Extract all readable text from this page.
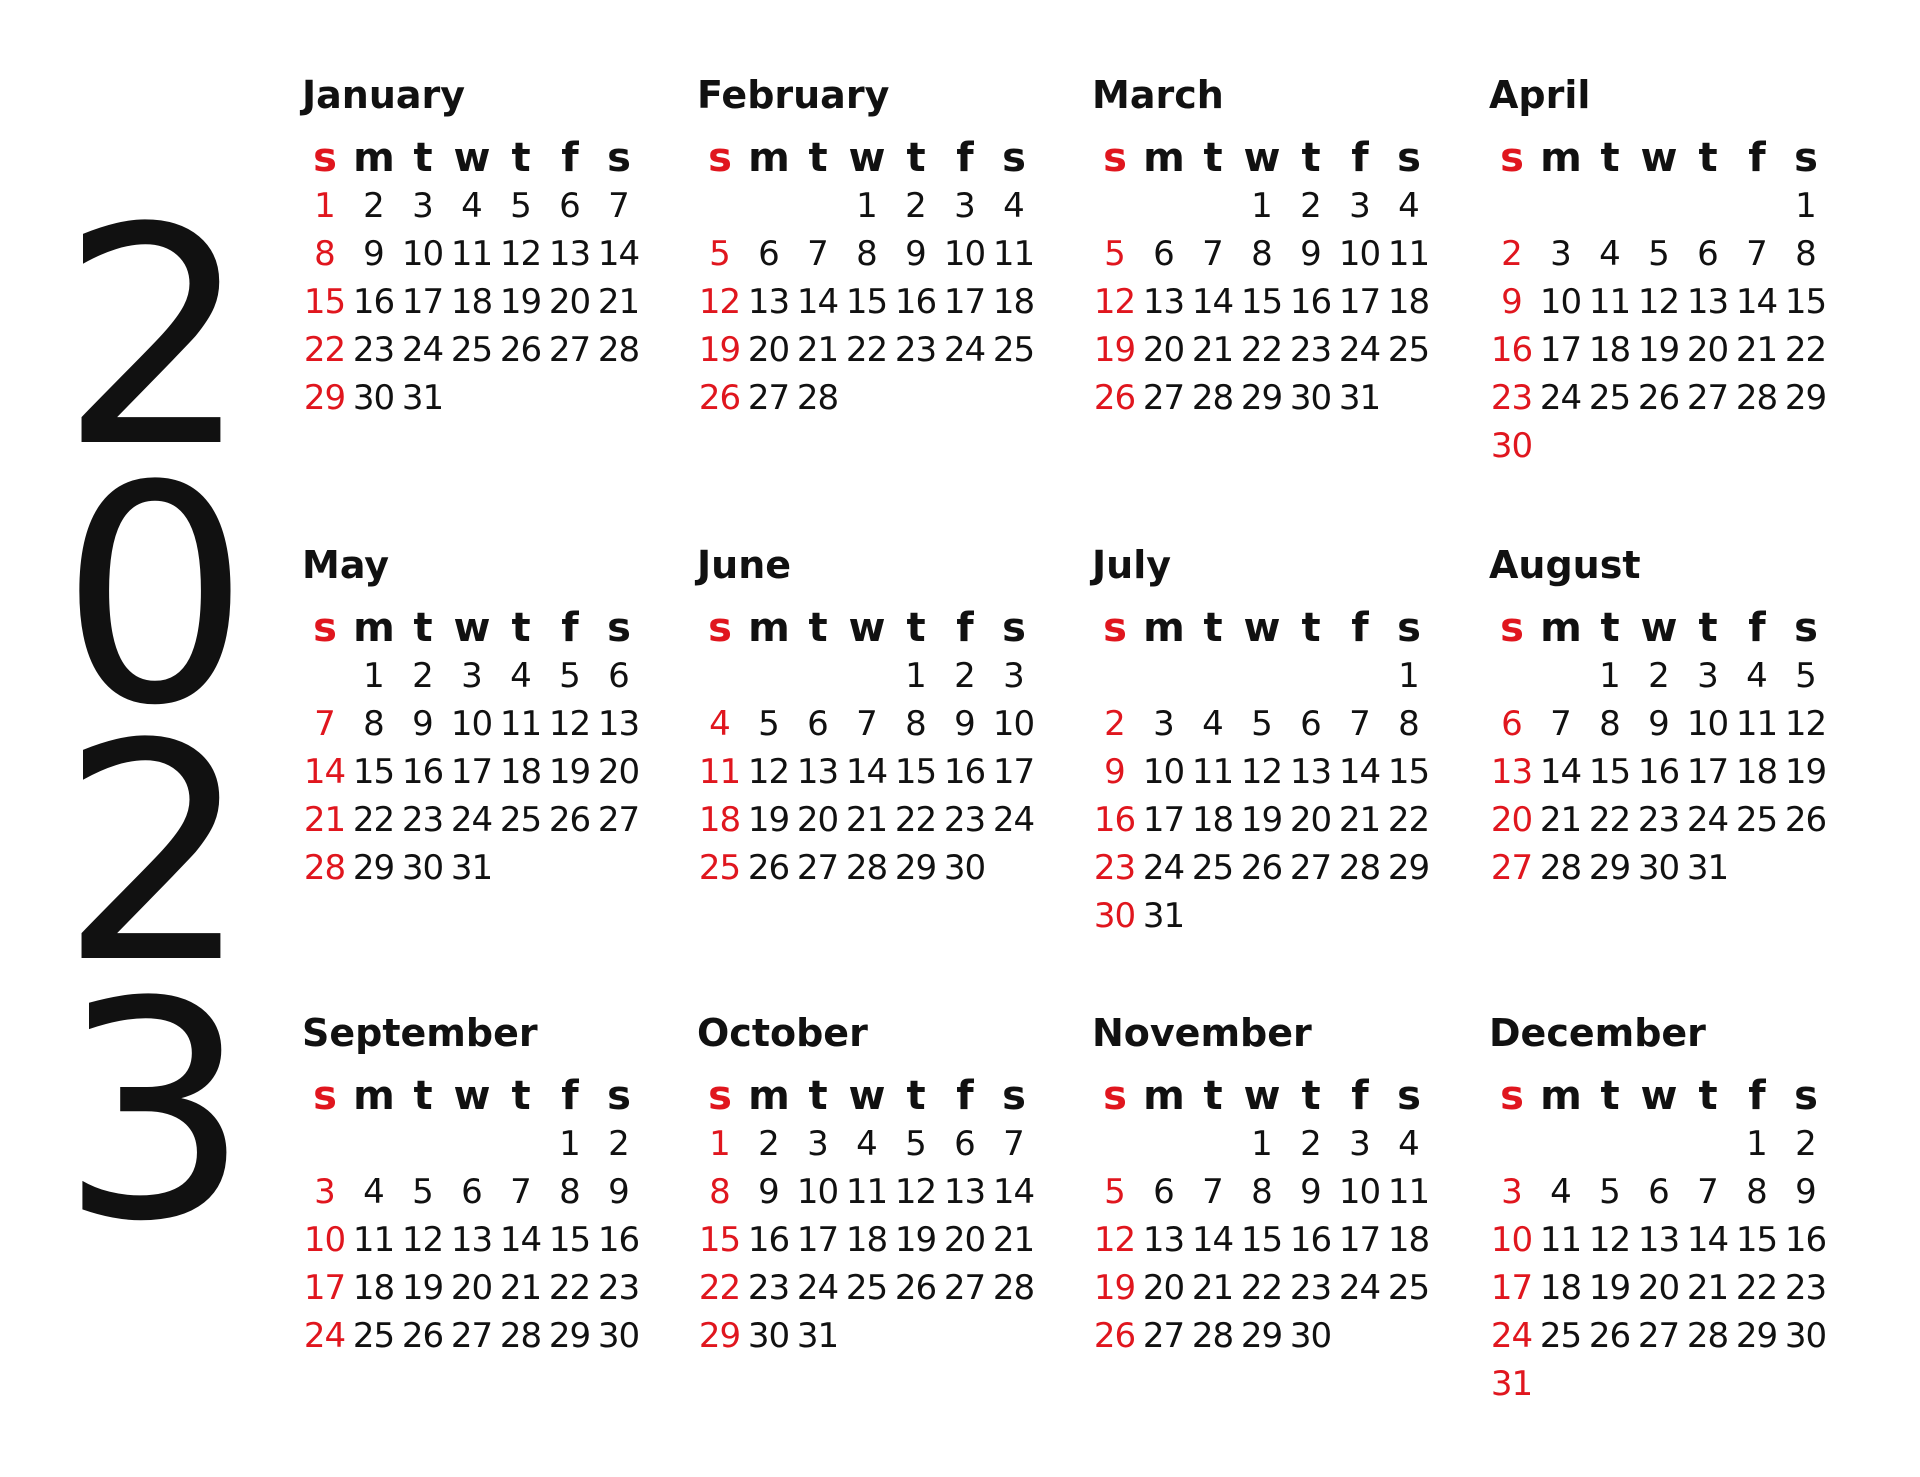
2
0
2
3
January
s m t w t f s
1 2 3 4 5 6 7
8 9 10 11 12 13 14
15 16 17 18 19 20 21
22 23 24 25 26 27 28
29 30 31
February
s m t w t f s
1 2 3 4
5 6 7 8 9 10 11
12 13 14 15 16 17 18
19 20 21 22 23 24 25
26 27 28
March
s m t w t f s
1 2 3 4
5 6 7 8 9 10 11
12 13 14 15 16 17 18
19 20 21 22 23 24 25
26 27 28 29 30 31
April
s m t w t f s
1
2 3 4 5 6 7 8
9 10 11 12 13 14 15
16 17 18 19 20 21 22
23 24 25 26 27 28 29
30
May
s m t w t f s
1 2 3 4 5 6
7 8 9 10 11 12 13
14 15 16 17 18 19 20
21 22 23 24 25 26 27
28 29 30 31
June
s m t w t f s
1 2 3
4 5 6 7 8 9 10
11 12 13 14 15 16 17
18 19 20 21 22 23 24
25 26 27 28 29 30
July
s m t w t f s
1
2 3 4 5 6 7 8
9 10 11 12 13 14 15
16 17 18 19 20 21 22
23 24 25 26 27 28 29
30 31
August
s m t w t f s
1 2 3 4 5
6 7 8 9 10 11 12
13 14 15 16 17 18 19
20 21 22 23 24 25 26
27 28 29 30 31
September
s m t w t f s
1 2
3 4 5 6 7 8 9
10 11 12 13 14 15 16
17 18 19 20 21 22 23
24 25 26 27 28 29 30
October
s m t w t f s
1 2 3 4 5 6 7
8 9 10 11 12 13 14
15 16 17 18 19 20 21
22 23 24 25 26 27 28
29 30 31
November
s m t w t f s
1 2 3 4
5 6 7 8 9 10 11
12 13 14 15 16 17 18
19 20 21 22 23 24 25
26 27 28 29 30
December
s m t w t f s
1 2
3 4 5 6 7 8 9
10 11 12 13 14 15 16
17 18 19 20 21 22 23
24 25 26 27 28 29 30
31
